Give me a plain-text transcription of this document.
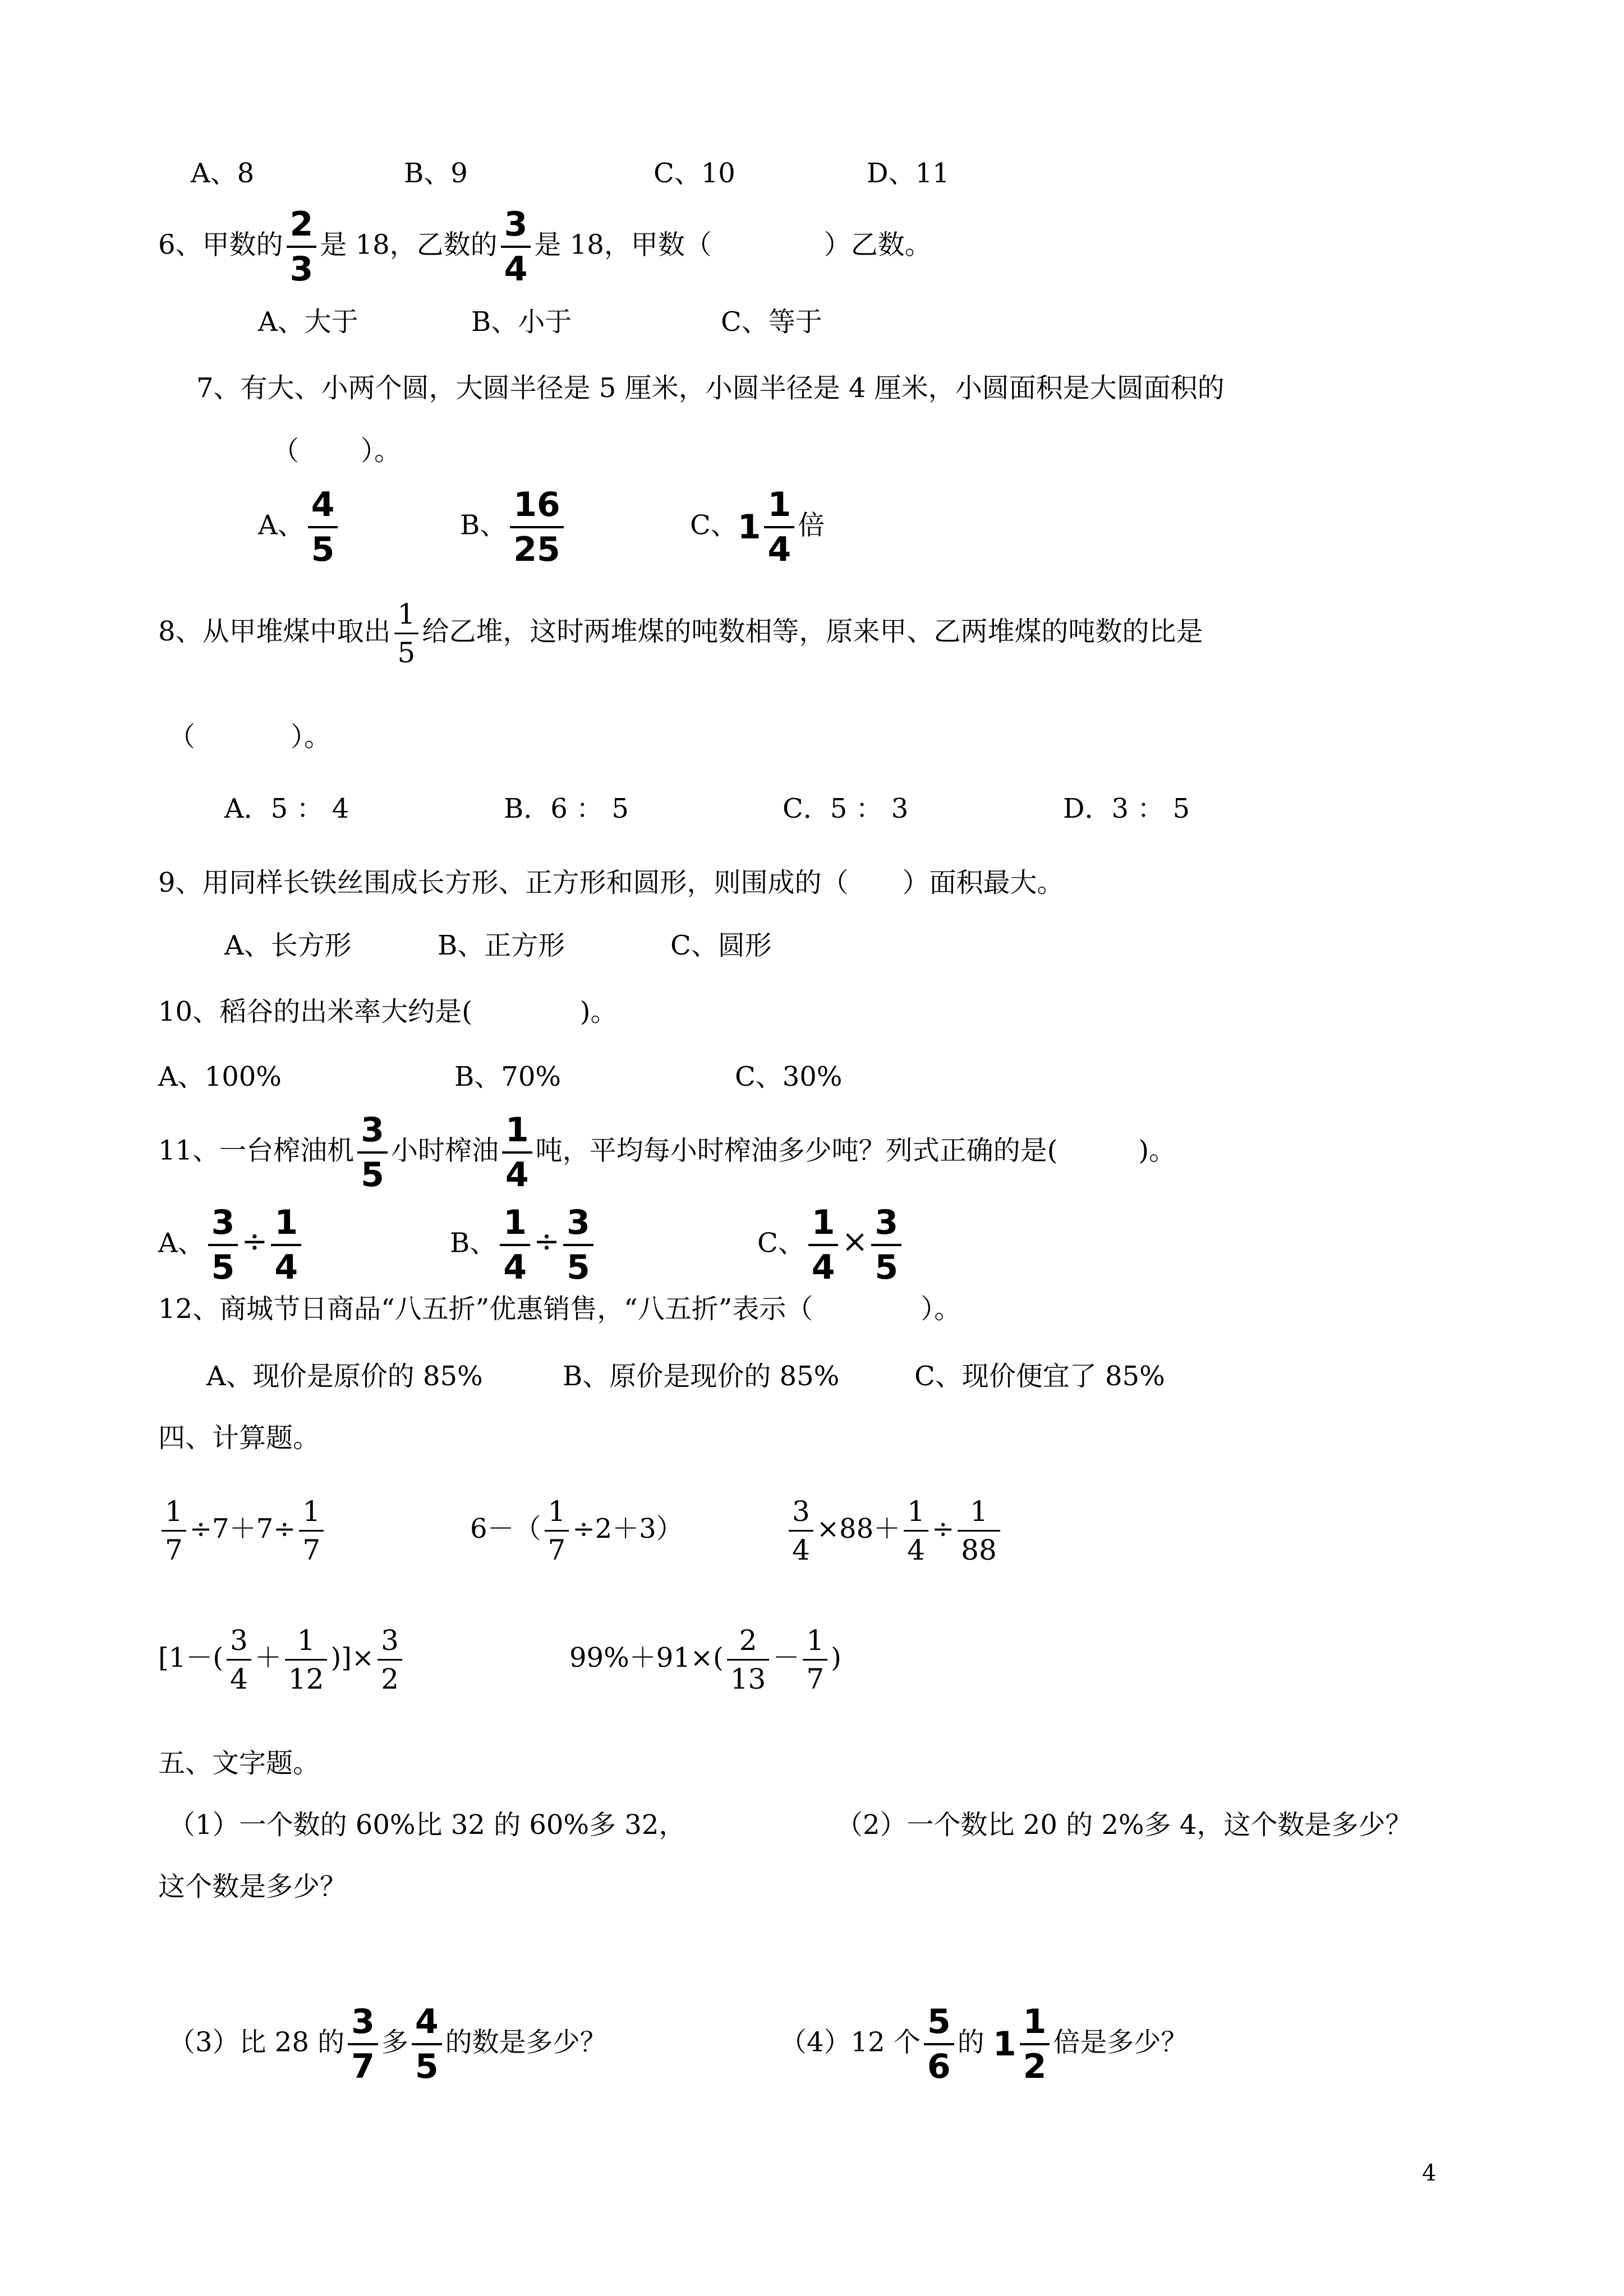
A、8	B、9	C、10	D、11
6、甲数的 $\frac{2}{3}$ 是 18，乙数的 $\frac{3}{4}$ 是 18，甲数（	）乙数。
A、大于	B、小于	C、等于
7、有大、小两个圆，大圆半径是 5 厘米，小圆半径是 4 厘米，小圆面积是大圆面积的
（ ）。
A、 $\frac{4}{5}$	B、 $\frac{16}{25}$	C、$1 \frac{1}{4}$ 倍
8、从甲堆煤中取出 $\frac{1}{5}$ 给乙堆，这时两堆煤的吨数相等，原来甲、乙两堆煤的吨数的比是
（	）。
A．5 ： 4	B．6 ： 5	C．5 ： 3	D．3 ： 5
9、用同样长铁丝围成长方形、正方形和圆形，则围成的（　　）面积最大。
A、长方形	B、正方形	C、圆形
10、稻谷的出米率大约是(　　　　)。
A、100%	B、70%	C、30%
11、一台榨油机 $\frac{3}{5}$ 小时榨油 $\frac{1}{4}$ 吨，平均每小时榨油多少吨？列式正确的是(　　　)。
A、 $\frac{3}{5} \div \frac{1}{4}$	B、 $\frac{1}{4} \div \frac{3}{5}$	C、 $\frac{1}{4} \times \frac{3}{5}$
12、商城节日商品“八五折”优惠销售，“八五折”表示（　　　　）。
A、现价是原价的 85%	B、原价是现价的 85%	C、现价便宜了 85%
四、计算题。
$\frac{1}{7} \div 7+7\div \frac{1}{7}$	$6-( \frac{1}{7} \div 2+3)$	$\frac{3}{4} \times 88+ \frac{1}{4} \div \frac{1}{88}$
[$1-( \frac{3}{4} + \frac{1}{12}$ )]× $\frac{3}{2}$	$99\%+91\times( \frac{2}{13} - \frac{1}{7}$ )
五、文字题。
（1）一个数的 60%比 32 的 60%多 32，	（2）一个数比 20 的 2%多 4，这个数是多少？
这个数是多少？
（3）比 28 的 $\frac{3}{7}$ 多 $\frac{4}{5}$ 的数是多少？	（4）12 个 $\frac{5}{6}$ 的 $1 \frac{1}{2}$ 倍是多少？
4
